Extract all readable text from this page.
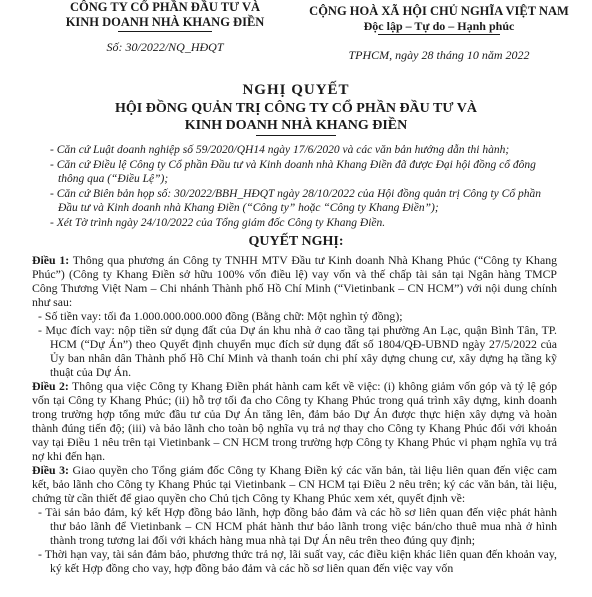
CÔNG TY CỔ PHẦN ĐẦU TƯ VÀ
KINH DOANH NHÀ KHANG ĐIỀN
Số: 30/2022/NQ_HĐQT
CỘNG HOÀ XÃ HỘI CHỦ NGHĨA VIỆT NAM
Độc lập – Tự do – Hạnh phúc
TPHCM, ngày 28 tháng 10 năm 2022
NGHỊ QUYẾT
HỘI ĐỒNG QUẢN TRỊ CÔNG TY CỔ PHẦN ĐẦU TƯ VÀ
KINH DOANH NHÀ KHANG ĐIỀN

- Căn cứ Luật doanh nghiệp số 59/2020/QH14 ngày 17/6/2020 và các văn bản hướng dẫn thi hành;

- Căn cứ Điều lệ Công ty Cổ phần Đầu tư và Kinh doanh nhà Khang Điền đã được Đại hội đồng cổ đông thông qua (“Điều Lệ”);

- Căn cứ Biên bản họp số: 30/2022/BBH_HĐQT ngày 28/10/2022 của Hội đồng quản trị Công ty Cổ phần Đầu tư và Kinh doanh nhà Khang Điền (“Công ty” hoặc “Công ty Khang Điền”);

- Xét Tờ trình ngày 24/10/2022 của Tổng giám đốc Công ty Khang Điền.

QUYẾT NGHỊ:

Điều 1: Thông qua phương án Công ty TNHH MTV Đầu tư Kinh doanh Nhà Khang Phúc (“Công ty Khang Phúc”) (Công ty Khang Điền sở hữu 100% vốn điều lệ) vay vốn và thế chấp tài sản tại Ngân hàng TMCP Công Thương Việt Nam – Chi nhánh Thành phố Hồ Chí Minh (“Vietinbank – CN HCM”) với nội dung chính như sau:

- Số tiền vay: tối đa 1.000.000.000.000 đồng (Bằng chữ: Một nghìn tỷ đồng);

- Mục đích vay: nộp tiền sử dụng đất của Dự án khu nhà ở cao tầng tại phường An Lạc, quận Bình Tân, TP. HCM (“Dự Án”) theo Quyết định chuyển mục đích sử dụng đất số 1804/QĐ-UBND ngày 27/5/2022 của Ủy ban nhân dân Thành phố Hồ Chí Minh và thanh toán chi phí xây dựng chung cư, xây dựng hạ tầng kỹ thuật của Dự Án.

Điều 2: Thông qua việc Công ty Khang Điền phát hành cam kết về việc: (i) không giảm vốn góp và tỷ lệ góp vốn tại Công ty Khang Phúc; (ii) hỗ trợ tối đa cho Công ty Khang Phúc trong quá trình xây dựng, kinh doanh trong trường hợp tổng mức đầu tư của Dự Án tăng lên, đảm bảo Dự Án được thực hiện xây dựng và hoàn thành đúng tiến độ; (iii) và bảo lãnh cho toàn bộ nghĩa vụ trả nợ thay cho Công ty Khang Phúc đối với khoản vay tại Điều 1 nêu trên tại Vietinbank – CN HCM trong trường hợp Công ty Khang Phúc vi phạm nghĩa vụ trả nợ khi đến hạn.

Điều 3: Giao quyền cho Tổng giám đốc Công ty Khang Điền ký các văn bản, tài liệu liên quan đến việc cam kết, bảo lãnh cho Công ty Khang Phúc tại Vietinbank – CN HCM tại Điều 2 nêu trên; ký các văn bản, tài liệu, chứng từ cần thiết để giao quyền cho Chủ tịch Công ty Khang Phúc xem xét, quyết định về:

- Tài sản bảo đảm, ký kết Hợp đồng bảo lãnh, hợp đồng bảo đảm và các hồ sơ liên quan đến việc phát hành thư bảo lãnh để Vietinbank – CN HCM phát hành thư bảo lãnh trong việc bán/cho thuê mua nhà ở hình thành trong tương lai đối với khách hàng mua nhà tại Dự Án nêu trên theo đúng quy định;

- Thời hạn vay, tài sản đảm bảo, phương thức trả nợ, lãi suất vay, các điều kiện khác liên quan đến khoản vay, ký kết Hợp đồng cho vay, hợp đồng bảo đảm và các hồ sơ liên quan đến việc vay vốn
